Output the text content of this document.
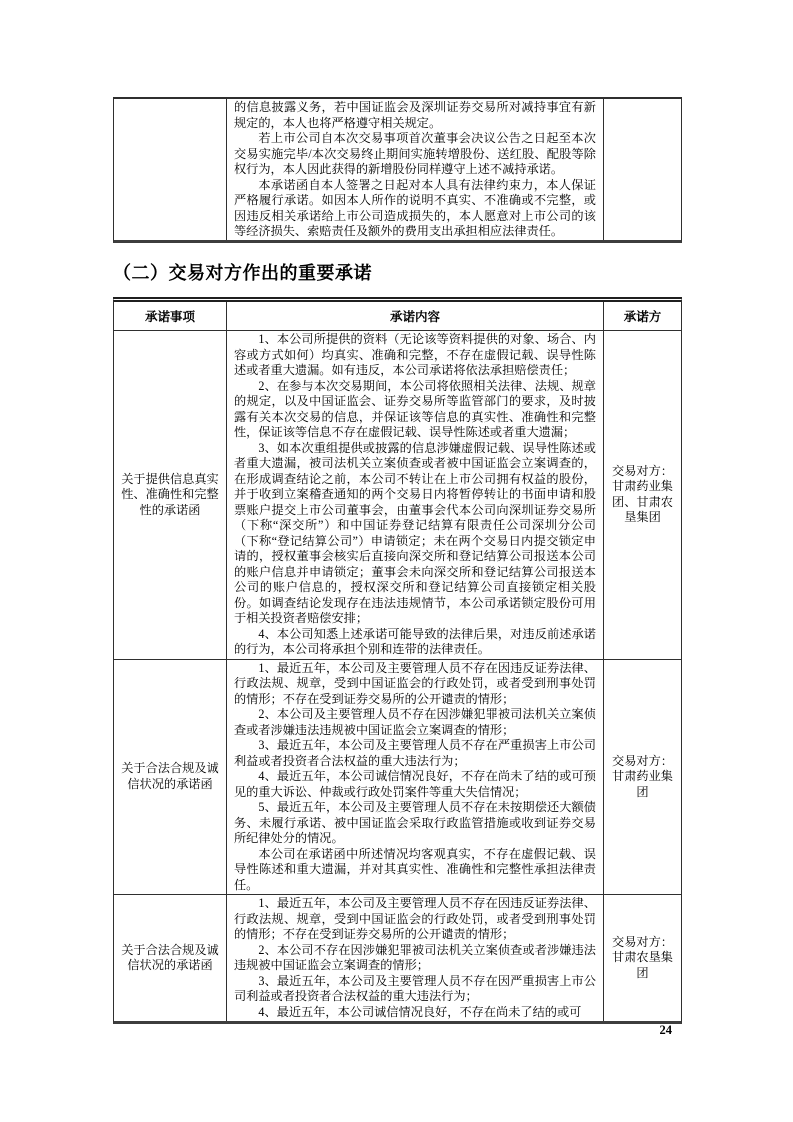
的信息披露义务，若中国证监会及深圳证券交易所对减持事宜有新规定的，本人也将严格遵守相关规定。

若上市公司自本次交易事项首次董事会决议公告之日起至本次交易实施完毕/本次交易终止期间实施转增股份、送红股、配股等除权行为，本人因此获得的新增股份同样遵守上述不减持承诺。

本承诺函自本人签署之日起对本人具有法律约束力，本人保证严格履行承诺。如因本人所作的说明不真实、不准确或不完整，或因违反相关承诺给上市公司造成损失的，本人愿意对上市公司的该等经济损失、索赔责任及额外的费用支出承担相应法律责任。

（二）交易对方作出的重要承诺
承诺事项	承诺内容	承诺方
关于提供信息真实性、准确性和完整性的承诺函

1、本公司所提供的资料（无论该等资料提供的对象、场合、内容或方式如何）均真实、准确和完整，不存在虚假记载、误导性陈述或者重大遗漏。如有违反，本公司承诺将依法承担赔偿责任；

2、在参与本次交易期间，本公司将依照相关法律、法规、规章的规定，以及中国证监会、证券交易所等监管部门的要求，及时披露有关本次交易的信息，并保证该等信息的真实性、准确性和完整性，保证该等信息不存在虚假记载、误导性陈述或者重大遗漏；

3、如本次重组提供或披露的信息涉嫌虚假记载、误导性陈述或者重大遗漏，被司法机关立案侦查或者被中国证监会立案调查的，在形成调查结论之前，本公司不转让在上市公司拥有权益的股份，并于收到立案稽查通知的两个交易日内将暂停转让的书面申请和股票账户提交上市公司董事会，由董事会代本公司向深圳证券交易所（下称“深交所”）和中国证券登记结算有限责任公司深圳分公司（下称“登记结算公司”）申请锁定；未在两个交易日内提交锁定申请的，授权董事会核实后直接向深交所和登记结算公司报送本公司的账户信息并申请锁定；董事会未向深交所和登记结算公司报送本公司的账户信息的，授权深交所和登记结算公司直接锁定相关股份。如调查结论发现存在违法违规情节，本公司承诺锁定股份可用于相关投资者赔偿安排；

4、本公司知悉上述承诺可能导致的法律后果，对违反前述承诺的行为，本公司将承担个别和连带的法律责任。

交易对方：甘肃药业集团、甘肃农垦集团
关于合法合规及诚信状况的承诺函

1、最近五年，本公司及主要管理人员不存在因违反证券法律、行政法规、规章，受到中国证监会的行政处罚，或者受到刑事处罚的情形；不存在受到证券交易所的公开谴责的情形；

2、本公司及主要管理人员不存在因涉嫌犯罪被司法机关立案侦查或者涉嫌违法违规被中国证监会立案调查的情形；

3、最近五年，本公司及主要管理人员不存在严重损害上市公司利益或者投资者合法权益的重大违法行为；

4、最近五年，本公司诚信情况良好，不存在尚未了结的或可预见的重大诉讼、仲裁或行政处罚案件等重大失信情况；

5、最近五年，本公司及主要管理人员不存在未按期偿还大额债务、未履行承诺、被中国证监会采取行政监管措施或收到证券交易所纪律处分的情况。

本公司在承诺函中所述情况均客观真实，不存在虚假记载、误导性陈述和重大遗漏，并对其真实性、准确性和完整性承担法律责任。

交易对方：甘肃药业集团
关于合法合规及诚信状况的承诺函

1、最近五年，本公司及主要管理人员不存在因违反证券法律、行政法规、规章，受到中国证监会的行政处罚，或者受到刑事处罚的情形；不存在受到证券交易所的公开谴责的情形；

2、本公司不存在因涉嫌犯罪被司法机关立案侦查或者涉嫌违法违规被中国证监会立案调查的情形；

3、最近五年，本公司及主要管理人员不存在因严重损害上市公司利益或者投资者合法权益的重大违法行为；

4、最近五年，本公司诚信情况良好，不存在尚未了结的或可

交易对方：甘肃农垦集团
24
